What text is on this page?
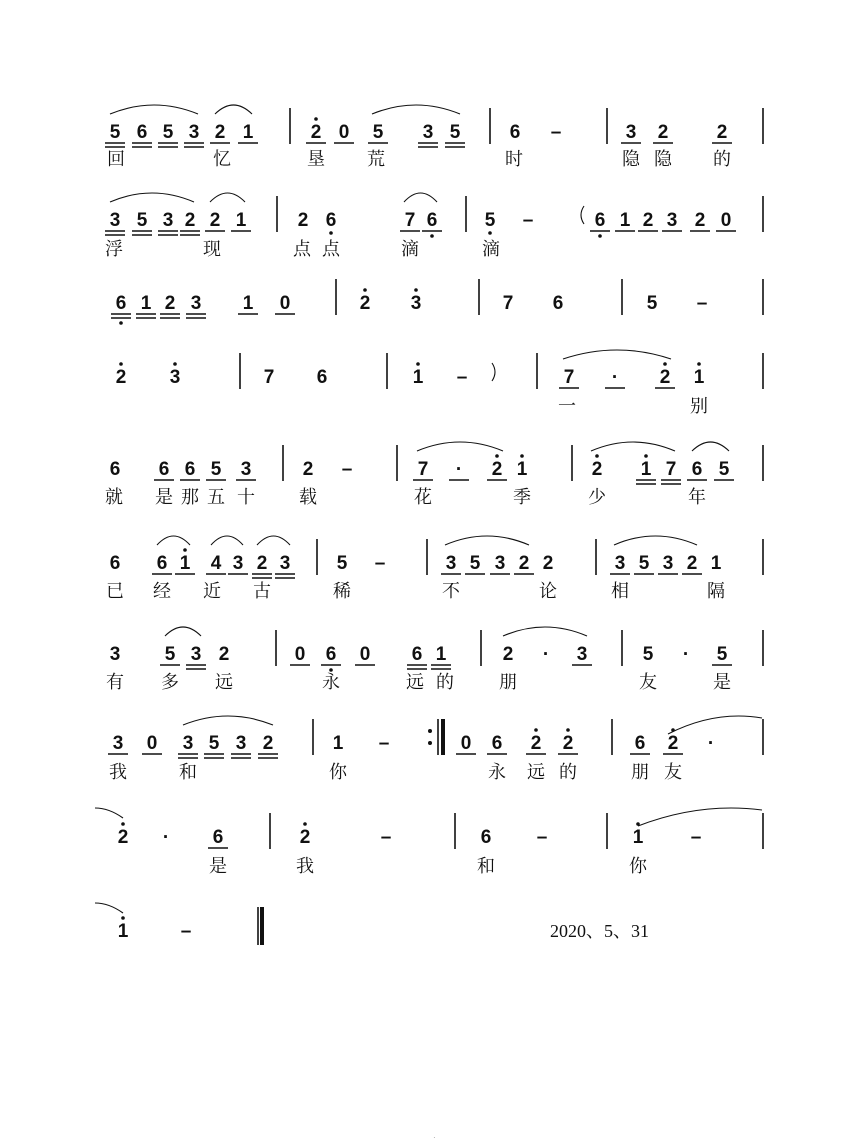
5 6 5 3 2 1	2 0 5 3 5	6 –	3 2	2
回	忆	垦 荒	时	隐 隐 的
3 5 3 2 2 1	2 6	7 6 5 –	6 1 2 3 2 0
浮	现	点 点	滴	滴
6 1 2 3 1 0	2 3	7 6	5 –
2 3	7 6	1 –	7 · 2 1
一	别
6 6 6 5 3	2 –	7 · 2 1	2 1 7 6 5
就 是 那 五 十 载	花	季	少	年
6 6 1 4 3 2 3 5 –	3 5 3 2 2	3 5 3 2 1
已 经 近 古	稀	不	论	相	隔
3 5 3 2	0 6 0 6 1	2 · 3	5 · 5
有 多 远	永	远 的	朋	友	是
3 0 3 5 3 2	1 –	0 6 2 2	6 2 ·
我	和	你	永 远 的	朋 友
2 · 6	2	–	6 –	1 –
是	我	和	你
1	–	2020、5、31
·
